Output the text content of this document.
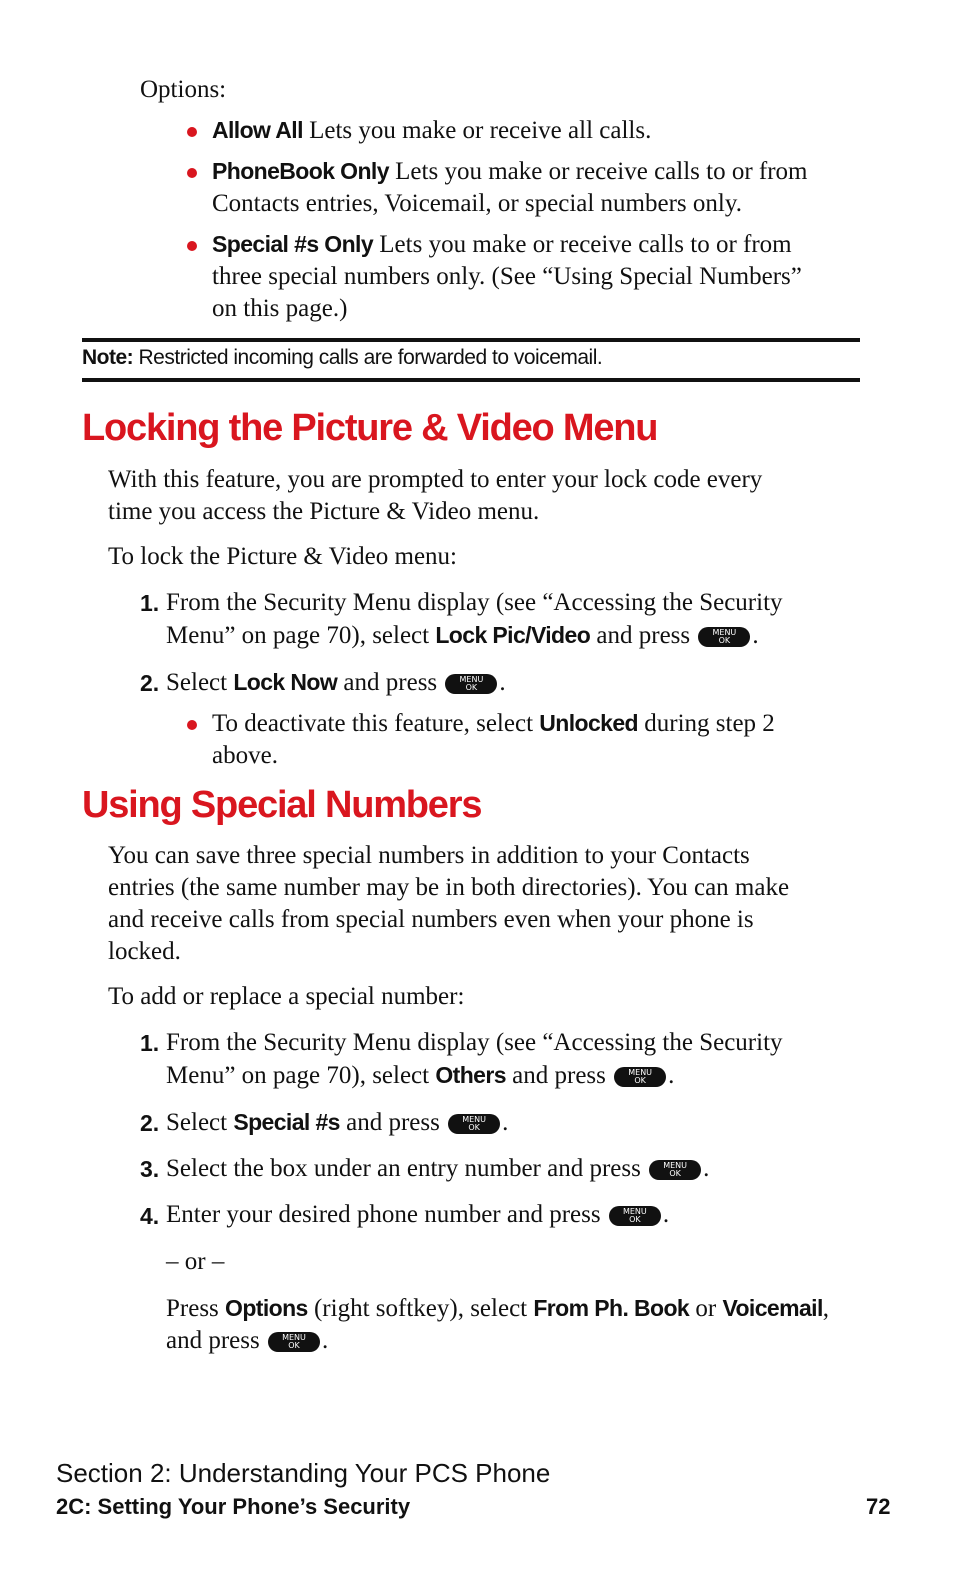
Options:
Allow All Lets you make or receive all calls.
PhoneBook Only Lets you make or receive calls to or from
Contacts entries, Voicemail, or special numbers only.
Special #s Only Lets you make or receive calls to or from
three special numbers only. (See “Using Special Numbers”
on this page.)
Note: Restricted incoming calls are forwarded to voicemail.
Locking the Picture & Video Menu
With this feature, you are prompted to enter your lock code every
time you access the Picture & Video menu.
To lock the Picture & Video menu:
1. From the Security Menu display (see “Accessing the Security
Menu” on page 70), select Lock Pic/Video and press	MENU
OK .
2. Select Lock Now and press	MENU
OK .
To deactivate this feature, select Unlocked during step 2
above.
Using Special Numbers
You can save three special numbers in addition to your Contacts
entries (the same number may be in both directories). You can make
and receive calls from special numbers even when your phone is
locked.
To add or replace a special number:
1. From the Security Menu display (see “Accessing the Security
Menu” on page 70), select Others and press	MENU
OK .
2. Select Special #s and press	MENU
OK .
3. Select the box under an entry number and press	MENU
OK .
4. Enter your desired phone number and press	MENU
OK .
– or –
Press Options (right softkey), select From Ph. Book or Voicemail,
and press	MENU
OK .
Section 2: Understanding Your PCS Phone
2C: Setting Your Phone’s Security	72
